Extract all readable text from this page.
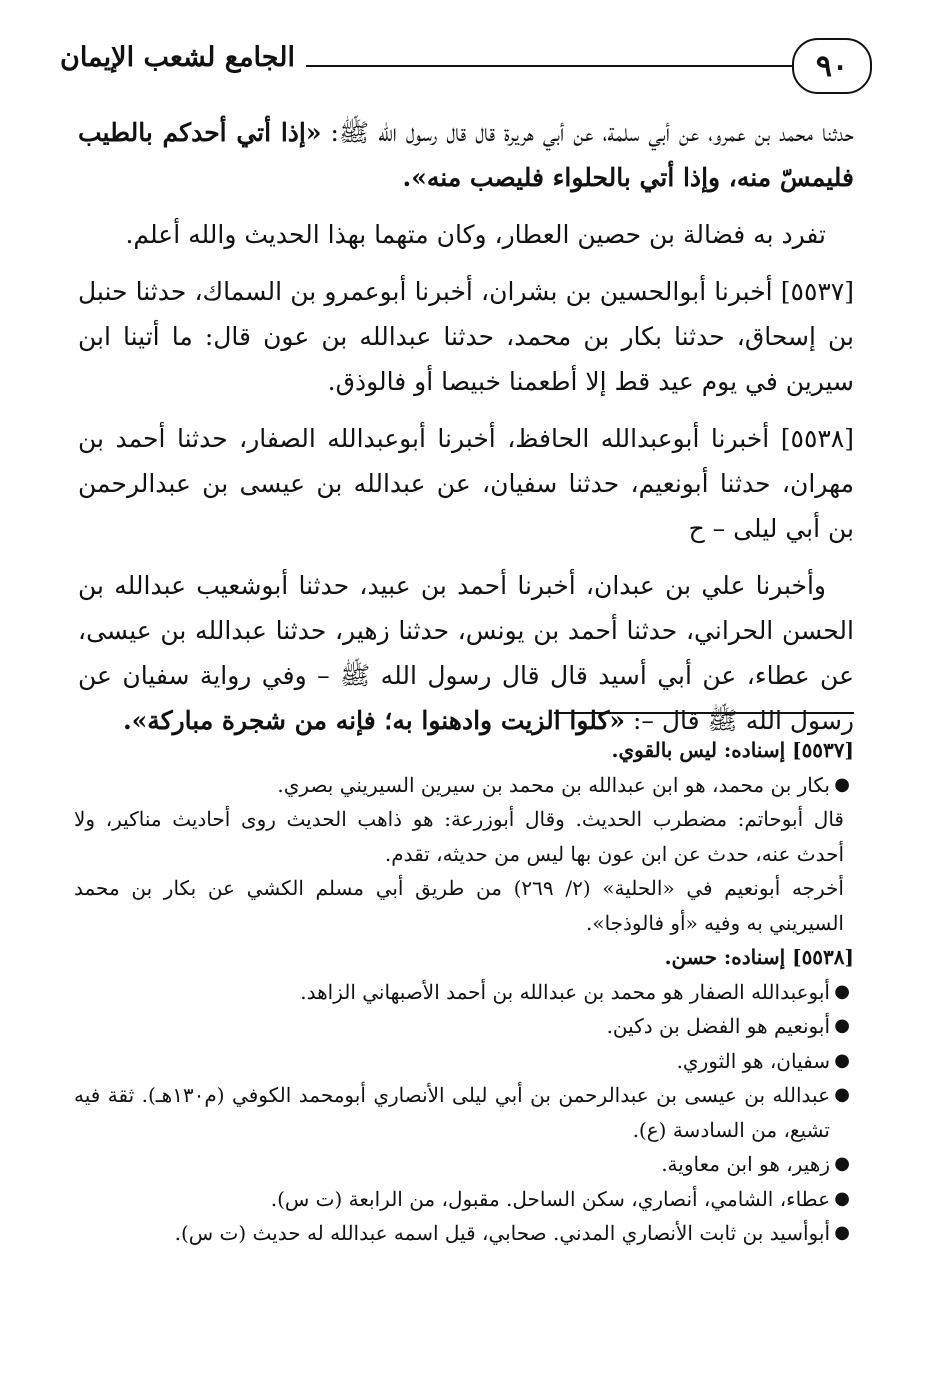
٩٠
الجامع لشعب الإيمان

حدثنا محمد بن عمرو، عن أبي سلمة، عن أبي هريرة قال قال رسول الله ﷺ: «إذا أتي أحدكم بالطيب فليمسّ منه، وإذا أتي بالحلواء فليصب منه».

تفرد به فضالة بن حصين العطار، وكان متهما بهذا الحديث والله أعلم.

[٥٥٣٧] أخبرنا أبوالحسين بن بشران، أخبرنا أبوعمرو بن السماك، حدثنا حنبل بن إسحاق، حدثنا بكار بن محمد، حدثنا عبدالله بن عون قال: ما أتينا ابن سيرين في يوم عيد قط إلا أطعمنا خبيصا أو فالوذق.

[٥٥٣٨] أخبرنا أبوعبدالله الحافظ، أخبرنا أبوعبدالله الصفار، حدثنا أحمد بن مهران، حدثنا أبونعيم، حدثنا سفيان، عن عبدالله بن عيسى بن عبدالرحمن بن أبي ليلى – ح

وأخبرنا علي بن عبدان، أخبرنا أحمد بن عبيد، حدثنا أبوشعيب عبدالله بن الحسن الحراني، حدثنا أحمد بن يونس، حدثنا زهير، حدثنا عبدالله بن عيسى، عن عطاء، عن أبي أسيد قال قال رسول الله ﷺ – وفي رواية سفيان عن رسول الله ﷺ قال –: «كلوا الزيت وادهنوا به؛ فإنه من شجرة مباركة».

[٥٥٣٧] إسناده: ليس بالقوي.

●
بكار بن محمد، هو ابن عبدالله بن محمد بن سيرين السيريني بصري.

قال أبوحاتم: مضطرب الحديث. وقال أبوزرعة: هو ذاهب الحديث روى أحاديث مناكير، ولا أحدث عنه، حدث عن ابن عون بها ليس من حديثه، تقدم.

أخرجه أبونعيم في «الحلية» (٢/ ٢٦٩) من طريق أبي مسلم الكشي عن بكار بن محمد السيريني به وفيه «أو فالوذجا».

[٥٥٣٨] إسناده: حسن.

●
أبوعبدالله الصفار هو محمد بن عبدالله بن أحمد الأصبهاني الزاهد.

●
أبونعيم هو الفضل بن دكين.

●
سفيان، هو الثوري.

●
عبدالله بن عيسى بن عبدالرحمن بن أبي ليلى الأنصاري أبومحمد الكوفي (م١٣٠هـ). ثقة فيه تشيع، من السادسة (ع).

●
زهير، هو ابن معاوية.

●
عطاء، الشامي، أنصاري، سكن الساحل. مقبول، من الرابعة (ت س).

●
أبوأسيد بن ثابت الأنصاري المدني. صحابي، قيل اسمه عبدالله له حديث (ت س).
